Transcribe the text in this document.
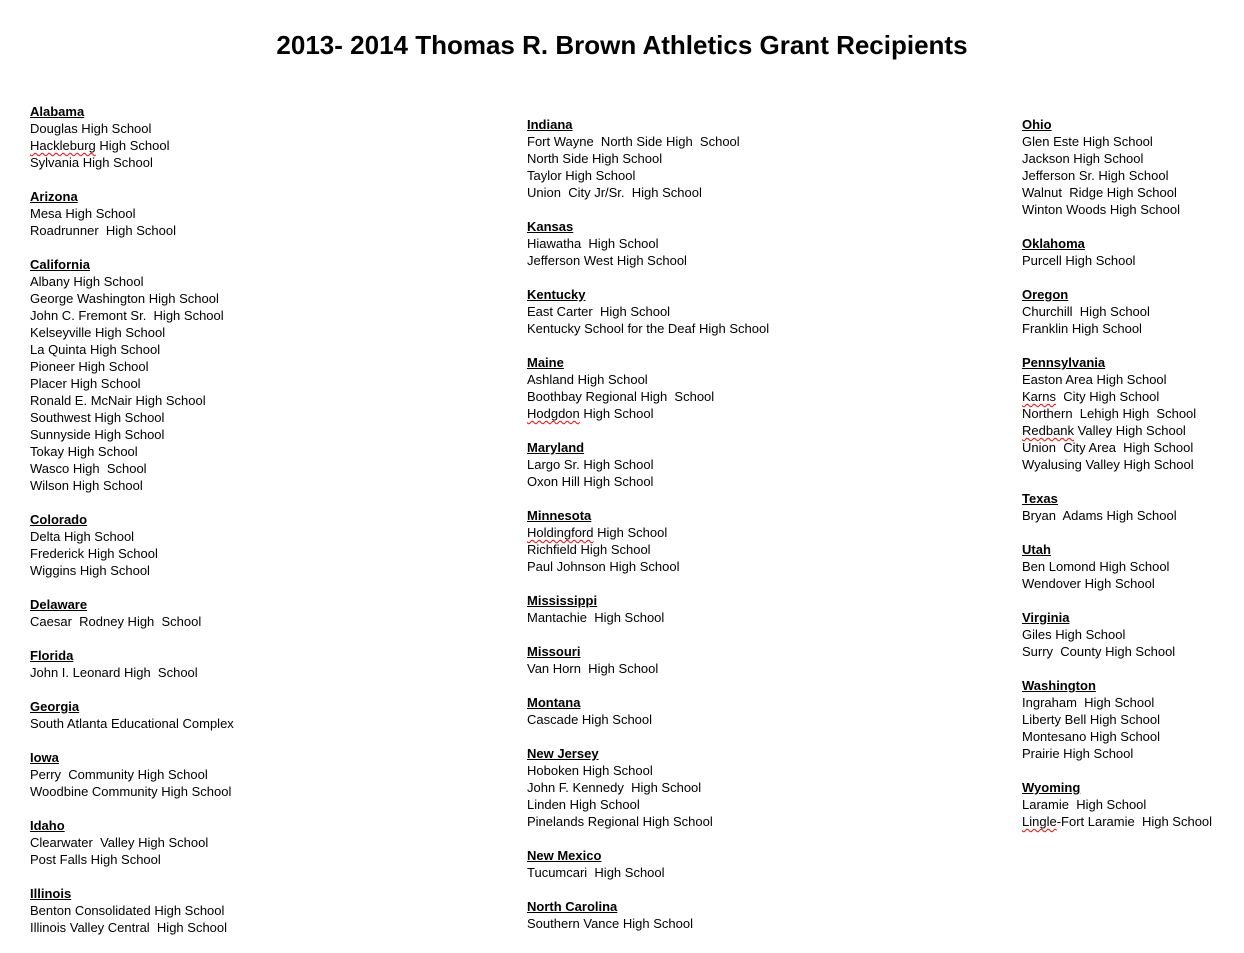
2013- 2014 Thomas R. Brown Athletics Grant Recipients
Alabama
Douglas High School
Hackleburg High School
Sylvania High School
Arizona
Mesa High School
Roadrunner  High School
California
Albany High School
George Washington High School
John C. Fremont Sr.  High School
Kelseyville High School
La Quinta High School
Pioneer High School
Placer High School
Ronald E. McNair High School
Southwest High School
Sunnyside High School
Tokay High School
Wasco High  School
Wilson High School
Colorado
Delta High School
Frederick High School
Wiggins High School
Delaware
Caesar  Rodney High  School
Florida
John I. Leonard High  School
Georgia
South Atlanta Educational Complex
Iowa
Perry  Community High School
Woodbine Community High School
Idaho
Clearwater  Valley High School
Post Falls High School
Illinois
Benton Consolidated High School
Illinois Valley Central  High School
Indiana
Fort Wayne  North Side High  School
North Side High School
Taylor High School
Union  City Jr/Sr.  High School
Kansas
Hiawatha  High School
Jefferson West High School
Kentucky
East Carter  High School
Kentucky School for the Deaf High School
Maine
Ashland High School
Boothbay Regional High  School
Hodgdon High School
Maryland
Largo Sr. High School
Oxon Hill High School
Minnesota
Holdingford High School
Richfield High School
Paul Johnson High School
Mississippi
Mantachie  High School
Missouri
Van Horn  High School
Montana
Cascade High School
New Jersey
Hoboken High School
John F. Kennedy  High School
Linden High School
Pinelands Regional High School
New Mexico
Tucumcari  High School
North Carolina
Southern Vance High School
Ohio
Glen Este High School
Jackson High School
Jefferson Sr. High School
Walnut  Ridge High School
Winton Woods High School
Oklahoma
Purcell High School
Oregon
Churchill  High School
Franklin High School
Pennsylvania
Easton Area High School
Karns  City High School
Northern  Lehigh High  School
Redbank Valley High School
Union  City Area  High School
Wyalusing Valley High School
Texas
Bryan  Adams High School
Utah
Ben Lomond High School
Wendover High School
Virginia
Giles High School
Surry  County High School
Washington
Ingraham  High School
Liberty Bell High School
Montesano High School
Prairie High School
Wyoming
Laramie  High School
Lingle-Fort Laramie  High School
